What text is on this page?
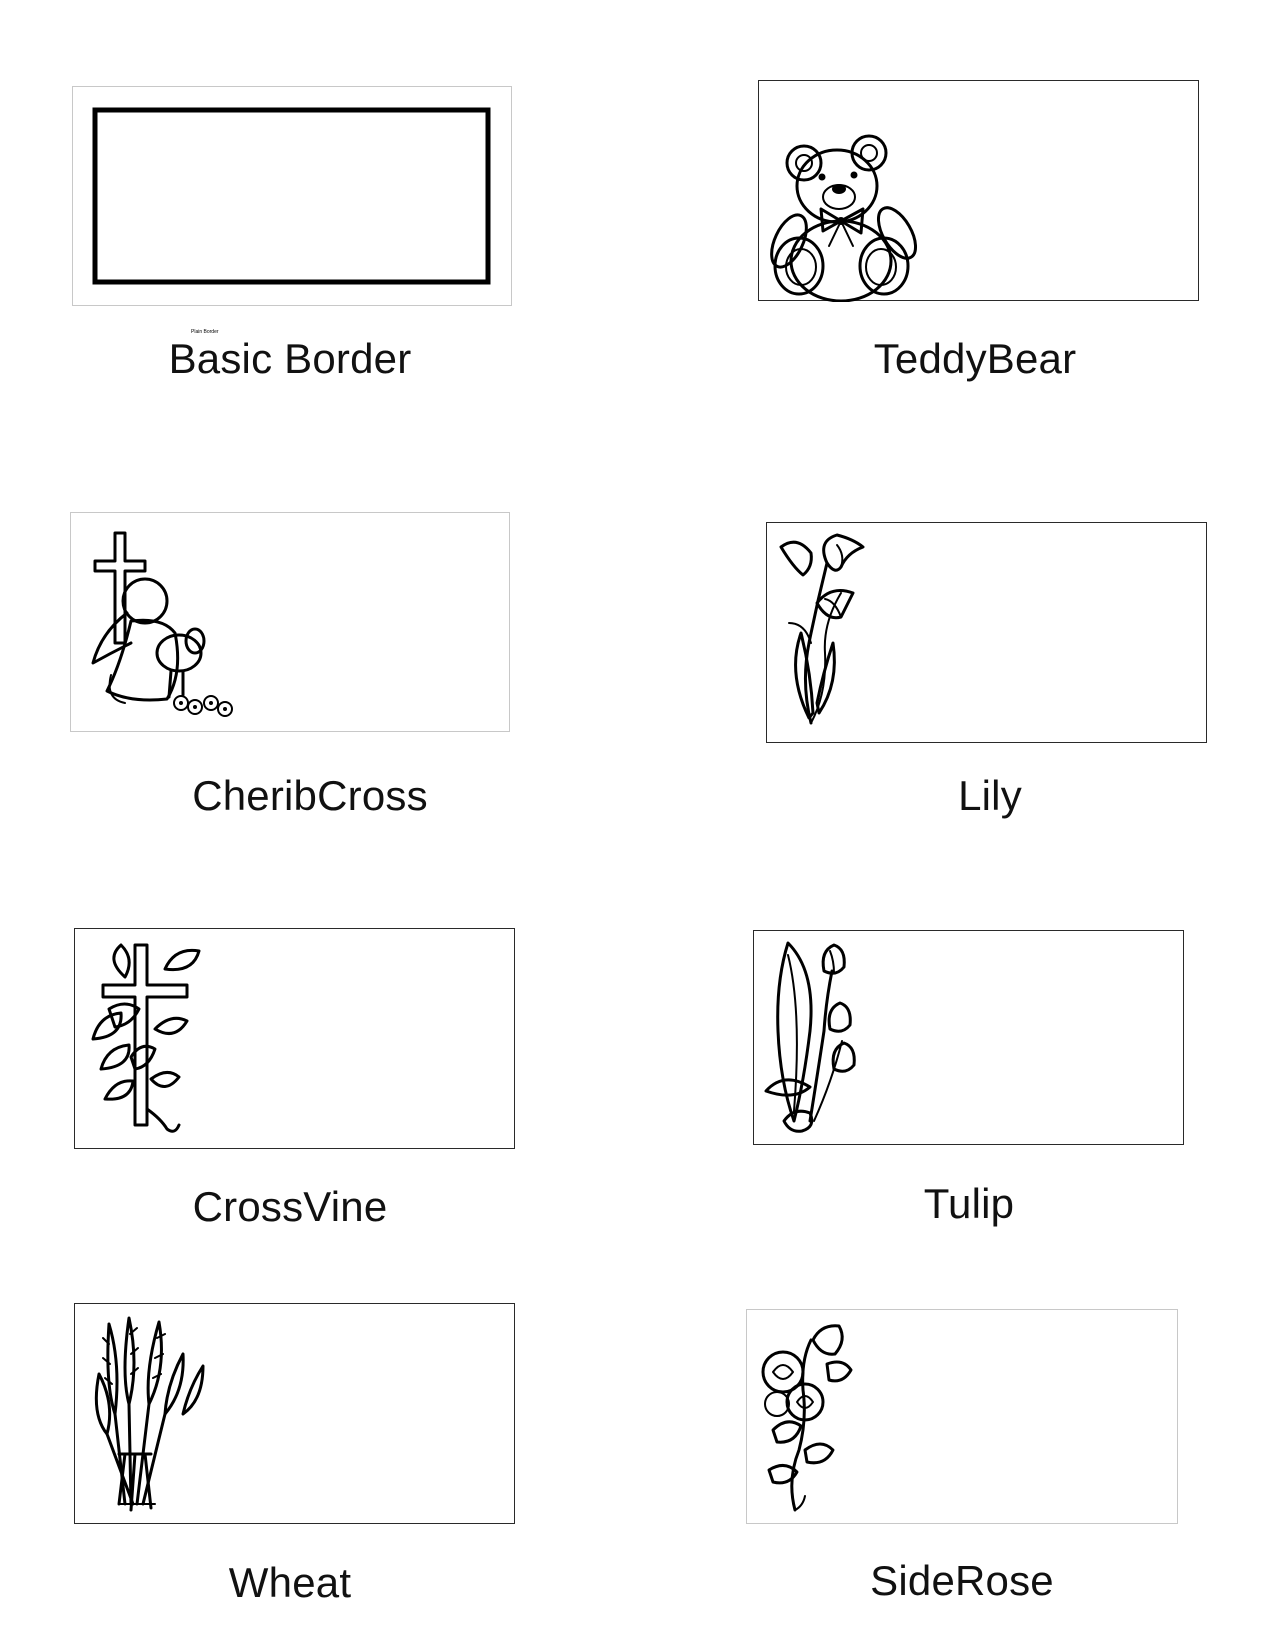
Plain Border
Basic Border	TeddyBear
CheribCross	Lily
CrossVine	Tulip
Wheat	SideRose
